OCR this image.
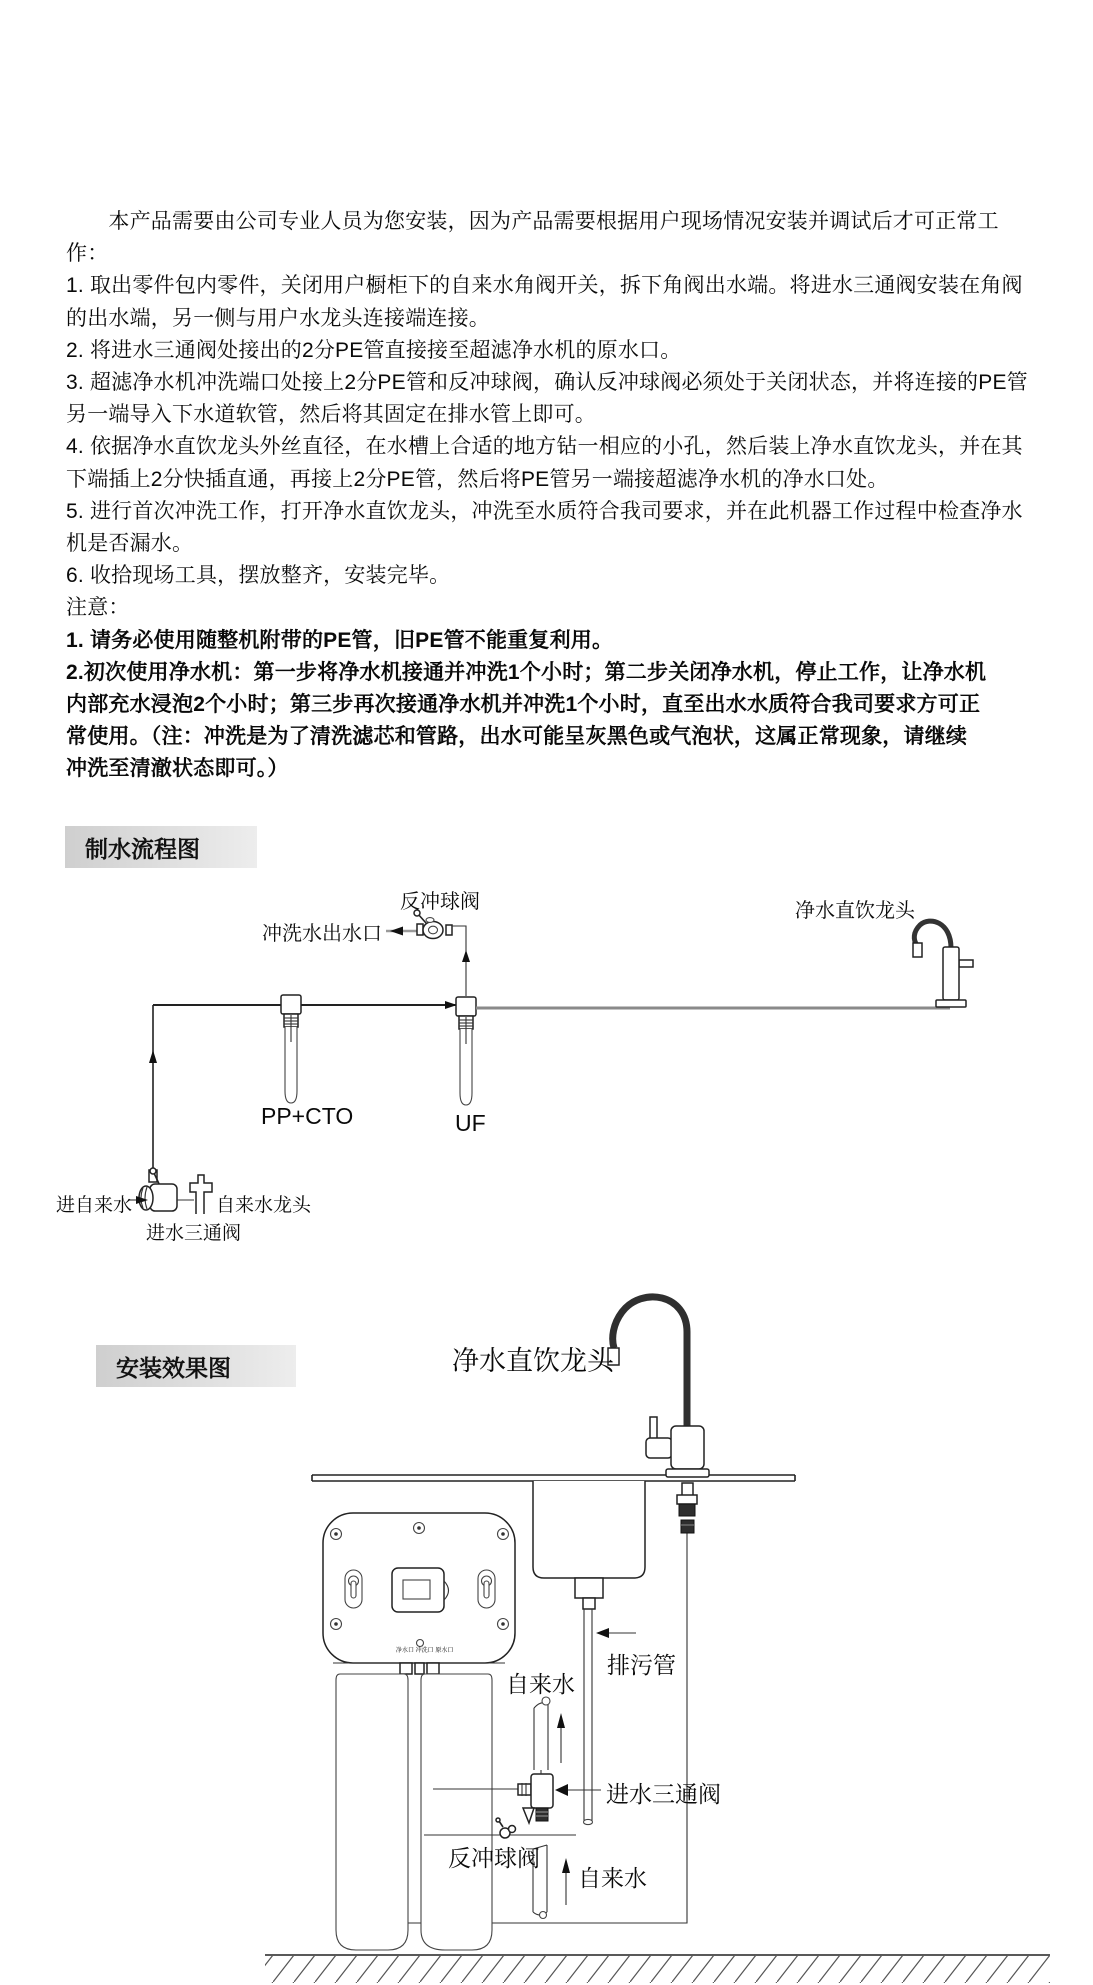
　　本产品需要由公司专业人员为您安装，因为产品需要根据用户现场情况安装并调试后才可正常工
作：
1. 取出零件包内零件，关闭用户橱柜下的自来水角阀开关，拆下角阀出水端。将进水三通阀安装在角阀
的出水端，另一侧与用户水龙头连接端连接。
2. 将进水三通阀处接出的2分PE管直接接至超滤净水机的原水口。
3. 超滤净水机冲洗端口处接上2分PE管和反冲球阀，确认反冲球阀必须处于关闭状态，并将连接的PE管
另一端导入下水道软管，然后将其固定在排水管上即可。
4. 依据净水直饮龙头外丝直径，在水槽上合适的地方钻一相应的小孔，然后装上净水直饮龙头，并在其
下端插上2分快插直通，再接上2分PE管，然后将PE管另一端接超滤净水机的净水口处。
5. 进行首次冲洗工作，打开净水直饮龙头，冲洗至水质符合我司要求，并在此机器工作过程中检查净水
机是否漏水。
6. 收拾现场工具，摆放整齐，安装完毕。
注意：
1. 请务必使用随整机附带的PE管，旧PE管不能重复利用。
2.初次使用净水机：第一步将净水机接通并冲洗1个小时；第二步关闭净水机，停止工作，让净水机
内部充水浸泡2个小时；第三步再次接通净水机并冲洗1个小时，直至出水水质符合我司要求方可正
常使用。（注：冲洗是为了清洗滤芯和管路，出水可能呈灰黑色或气泡状，这属正常现象，请继续
冲洗至清澈状态即可。）
制水流程图
冲洗水出水口
反冲球阀	净水直饮龙头
PP+CTO	UF
进自来水	自来水龙头
进水三通阀
安装效果图	净水直饮龙头
排污管
自来水
进水三通阀
反冲球阀
自来水
净水口 冲洗口 原水口
